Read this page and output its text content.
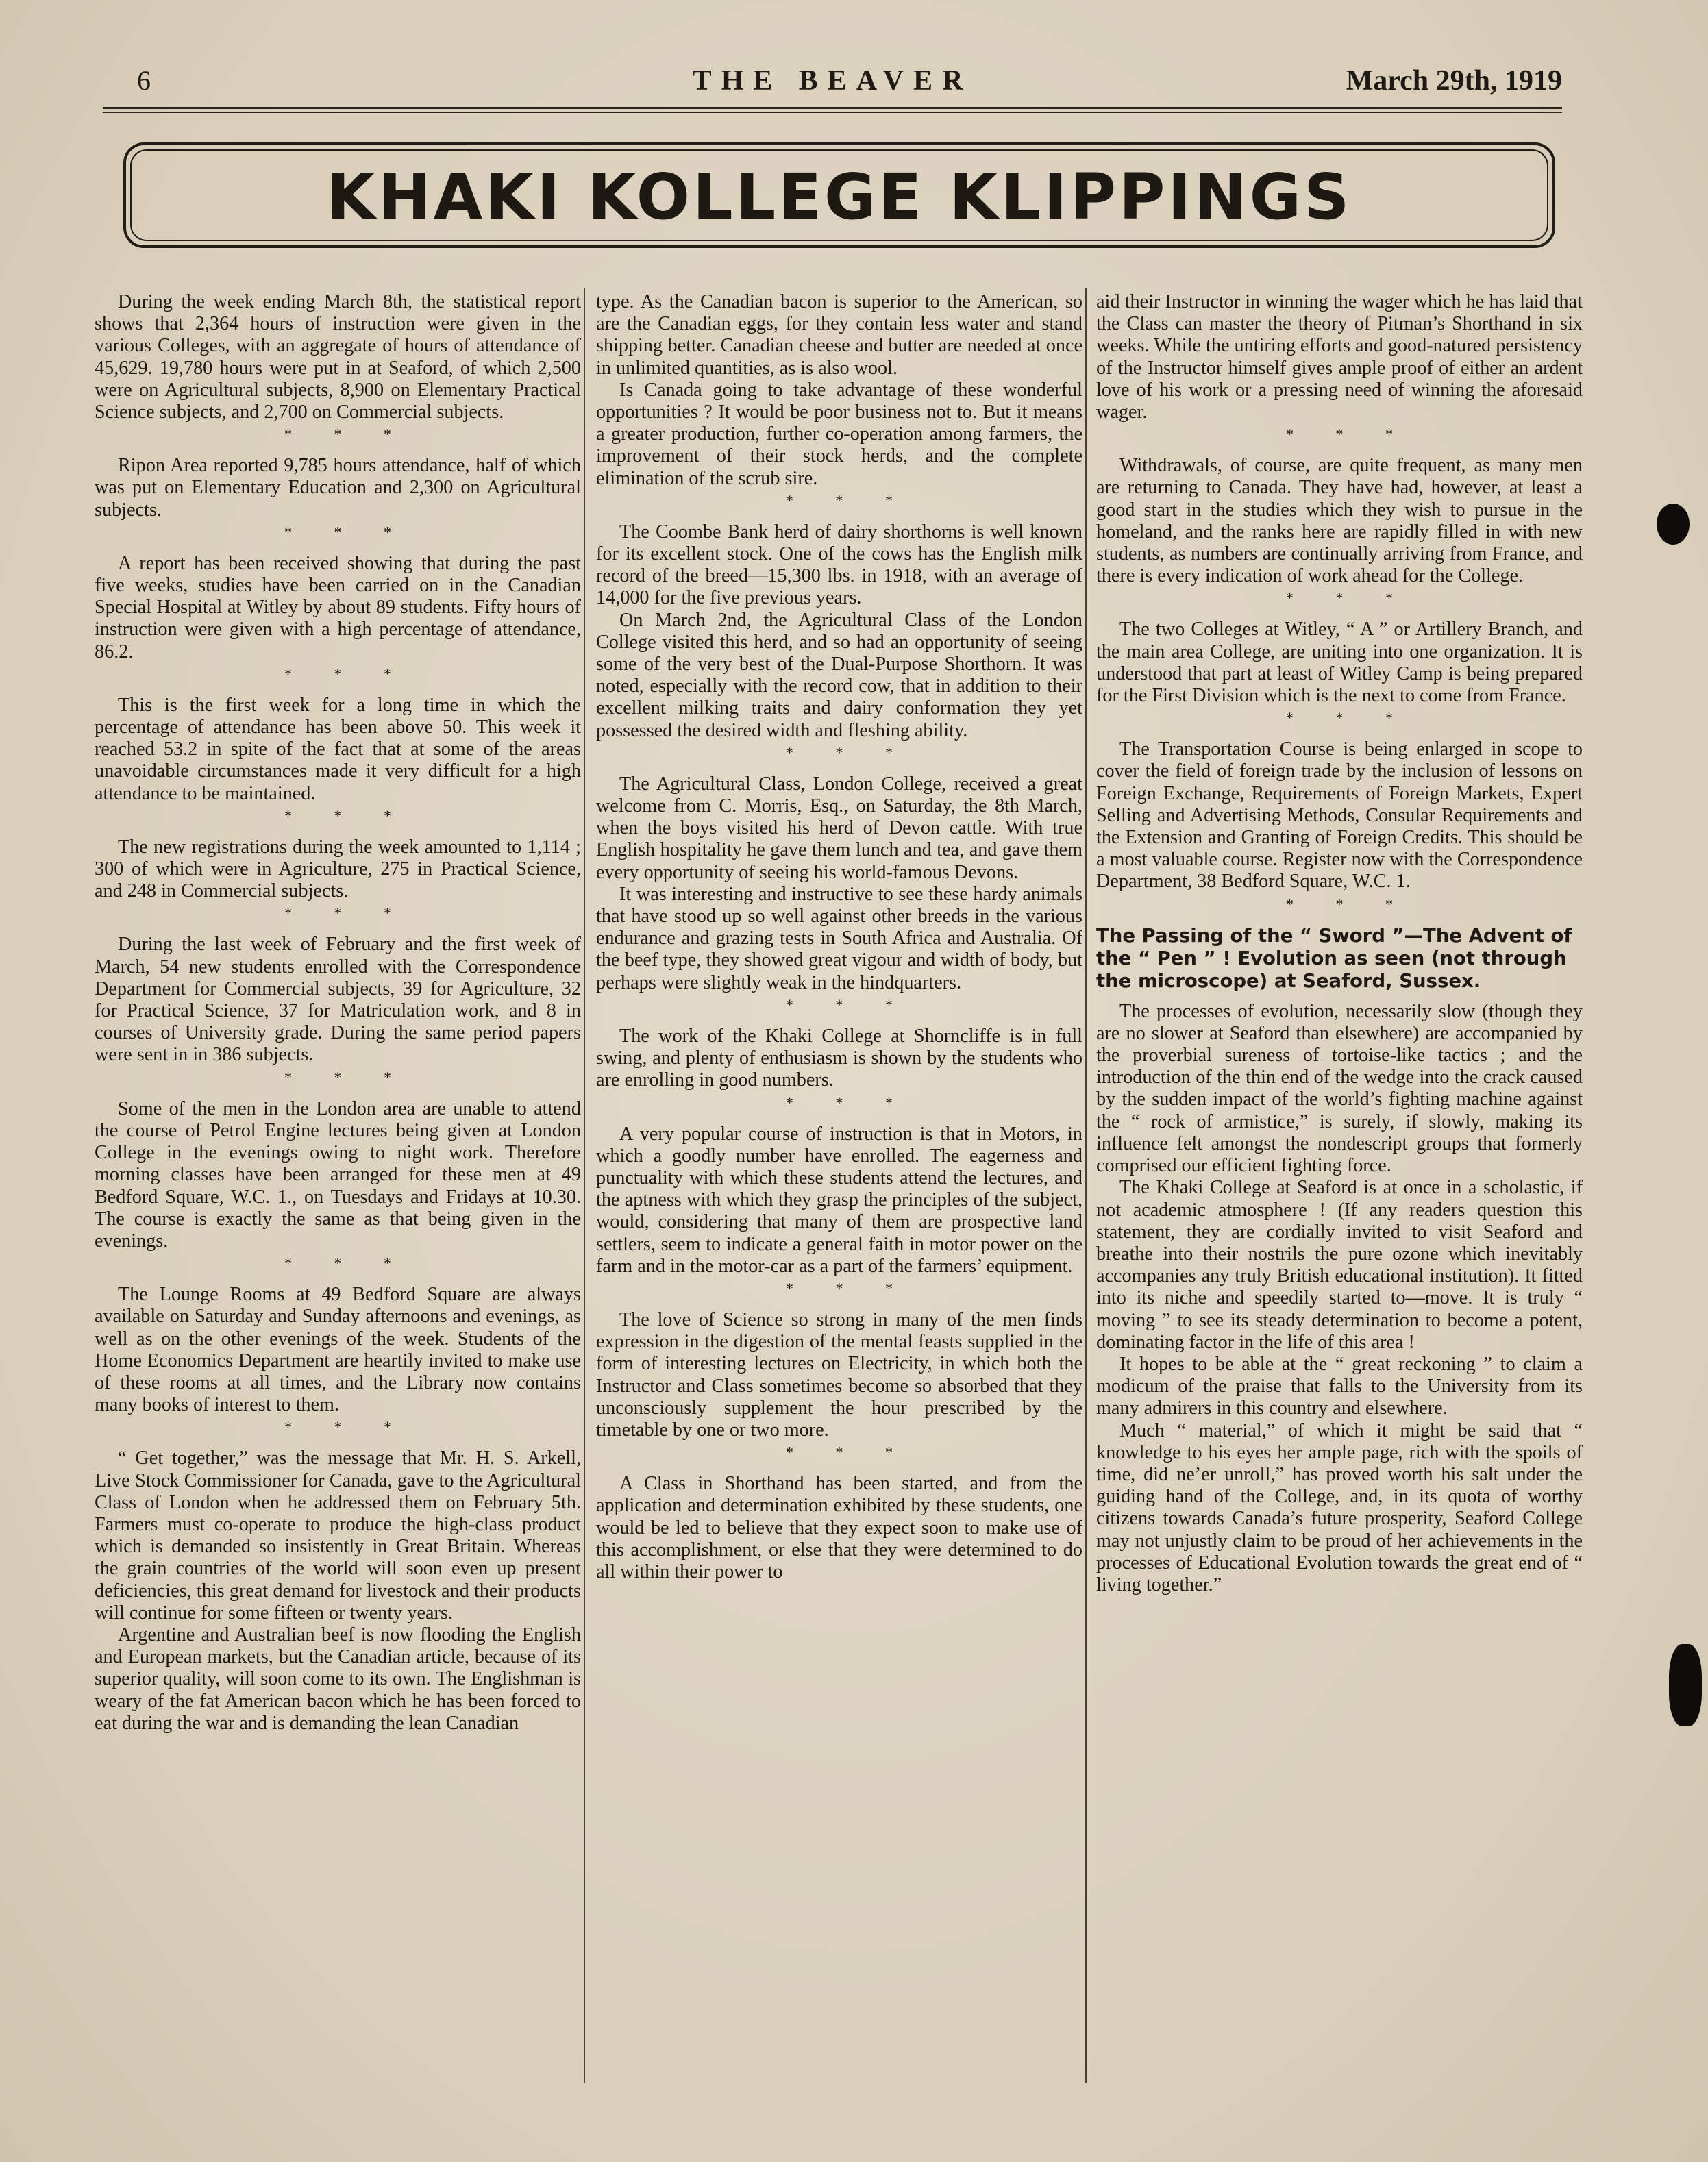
6	THE BEAVER	March 29th, 1919
KHAKI KOLLEGE KLIPPINGS

During the week ending March 8th, the statistical report shows that 2,364 hours of instruction were given in the various Colleges, with an aggregate of hours of attendance of 45,629. 19,780 hours were put in at Seaford, of which 2,500 were on Agricultural subjects, 8,900 on Elementary Practical Science subjects, and 2,700 on Commercial subjects.

* * *

Ripon Area reported 9,785 hours attendance, half of which was put on Elementary Education and 2,300 on Agricultural subjects.

* * *

A report has been received showing that during the past five weeks, studies have been carried on in the Canadian Special Hospital at Witley by about 89 students. Fifty hours of instruction were given with a high percentage of attendance, 86.2.

* * *

This is the first week for a long time in which the percentage of attendance has been above 50. This week it reached 53.2 in spite of the fact that at some of the areas unavoidable circumstances made it very difficult for a high attendance to be maintained.

* * *

The new registrations during the week amounted to 1,114 ; 300 of which were in Agriculture, 275 in Practical Science, and 248 in Commercial subjects.

* * *

During the last week of February and the first week of March, 54 new students enrolled with the Correspondence Department for Commercial subjects, 39 for Agriculture, 32 for Practical Science, 37 for Matriculation work, and 8 in courses of University grade. During the same period papers were sent in in 386 subjects.

* * *

Some of the men in the London area are unable to attend the course of Petrol Engine lectures being given at London College in the evenings owing to night work. Therefore morning classes have been arranged for these men at 49 Bedford Square, W.C. 1., on Tuesdays and Fridays at 10.30. The course is exactly the same as that being given in the evenings.

* * *

The Lounge Rooms at 49 Bedford Square are always available on Saturday and Sunday afternoons and evenings, as well as on the other evenings of the week. Students of the Home Economics Department are heartily invited to make use of these rooms at all times, and the Library now contains many books of interest to them.

* * *

“ Get together,” was the message that Mr. H. S. Arkell, Live Stock Commissioner for Canada, gave to the Agricultural Class of London when he addressed them on February 5th. Farmers must co-operate to produce the high-class product which is demanded so insistently in Great Britain. Whereas the grain countries of the world will soon even up present deficiencies, this great demand for livestock and their products will continue for some fifteen or twenty years.

Argentine and Australian beef is now flooding the English and European markets, but the Canadian article, because of its superior quality, will soon come to its own. The Englishman is weary of the fat American bacon which he has been forced to eat during the war and is demanding the lean Canadian

type. As the Canadian bacon is superior to the American, so are the Canadian eggs, for they contain less water and stand shipping better. Canadian cheese and butter are needed at once in unlimited quantities, as is also wool.

Is Canada going to take advantage of these wonderful opportunities ? It would be poor business not to. But it means a greater production, further co-operation among farmers, the improvement of their stock herds, and the complete elimination of the scrub sire.

* * *

The Coombe Bank herd of dairy shorthorns is well known for its excellent stock. One of the cows has the English milk record of the breed—15,300 lbs. in 1918, with an average of 14,000 for the five previous years.

On March 2nd, the Agricultural Class of the London College visited this herd, and so had an opportunity of seeing some of the very best of the Dual-Purpose Shorthorn. It was noted, especially with the record cow, that in addition to their excellent milking traits and dairy conformation they yet possessed the desired width and fleshing ability.

* * *

The Agricultural Class, London College, received a great welcome from C. Morris, Esq., on Saturday, the 8th March, when the boys visited his herd of Devon cattle. With true English hospitality he gave them lunch and tea, and gave them every opportunity of seeing his world-famous Devons.

It was interesting and instructive to see these hardy animals that have stood up so well against other breeds in the various endurance and grazing tests in South Africa and Australia. Of the beef type, they showed great vigour and width of body, but perhaps were slightly weak in the hindquarters.

* * *

The work of the Khaki College at Shorncliffe is in full swing, and plenty of enthusiasm is shown by the students who are enrolling in good numbers.

* * *

A very popular course of instruction is that in Motors, in which a goodly number have enrolled. The eagerness and punctuality with which these students attend the lectures, and the aptness with which they grasp the principles of the subject, would, considering that many of them are prospective land settlers, seem to indicate a general faith in motor power on the farm and in the motor-car as a part of the farmers’ equipment.

* * *

The love of Science so strong in many of the men finds expression in the digestion of the mental feasts supplied in the form of interesting lectures on Electricity, in which both the Instructor and Class sometimes become so absorbed that they unconsciously supplement the hour prescribed by the timetable by one or two more.

* * *

A Class in Shorthand has been started, and from the application and determination exhibited by these students, one would be led to believe that they expect soon to make use of this accomplishment, or else that they were determined to do all within their power to

aid their Instructor in winning the wager which he has laid that the Class can master the theory of Pitman’s Shorthand in six weeks. While the untiring efforts and good-natured persistency of the Instructor himself gives ample proof of either an ardent love of his work or a pressing need of winning the aforesaid wager.

* * *

Withdrawals, of course, are quite frequent, as many men are returning to Canada. They have had, however, at least a good start in the studies which they wish to pursue in the homeland, and the ranks here are rapidly filled in with new students, as numbers are continually arriving from France, and there is every indication of work ahead for the College.

* * *

The two Colleges at Witley, “ A ” or Artillery Branch, and the main area College, are uniting into one organization. It is understood that part at least of Witley Camp is being prepared for the First Division which is the next to come from France.

* * *

The Transportation Course is being enlarged in scope to cover the field of foreign trade by the inclusion of lessons on Foreign Exchange, Requirements of Foreign Markets, Expert Selling and Advertising Methods, Consular Requirements and the Extension and Granting of Foreign Credits. This should be a most valuable course. Register now with the Correspondence Department, 38 Bedford Square, W.C. 1.

* * *
The Passing of the “ Sword ”—The Advent of the “ Pen ” ! Evolution as seen (not through the microscope) at Seaford, Sussex.

The processes of evolution, necessarily slow (though they are no slower at Seaford than elsewhere) are accompanied by the proverbial sureness of tortoise-like tactics ; and the introduction of the thin end of the wedge into the crack caused by the sudden impact of the world’s fighting machine against the “ rock of armistice,” is surely, if slowly, making its influence felt amongst the nondescript groups that formerly comprised our efficient fighting force.

The Khaki College at Seaford is at once in a scholastic, if not academic atmosphere ! (If any readers question this statement, they are cordially invited to visit Seaford and breathe into their nostrils the pure ozone which inevitably accompanies any truly British educational institution). It fitted into its niche and speedily started to—move. It is truly “ moving ” to see its steady determination to become a potent, dominating factor in the life of this area !

It hopes to be able at the “ great reckoning ” to claim a modicum of the praise that falls to the University from its many admirers in this country and elsewhere.

Much “ material,” of which it might be said that “ knowledge to his eyes her ample page, rich with the spoils of time, did ne’er unroll,” has proved worth his salt under the guiding hand of the College, and, in its quota of worthy citizens towards Canada’s future prosperity, Seaford College may not unjustly claim to be proud of her achievements in the processes of Educational Evolution towards the great end of “ living together.”
